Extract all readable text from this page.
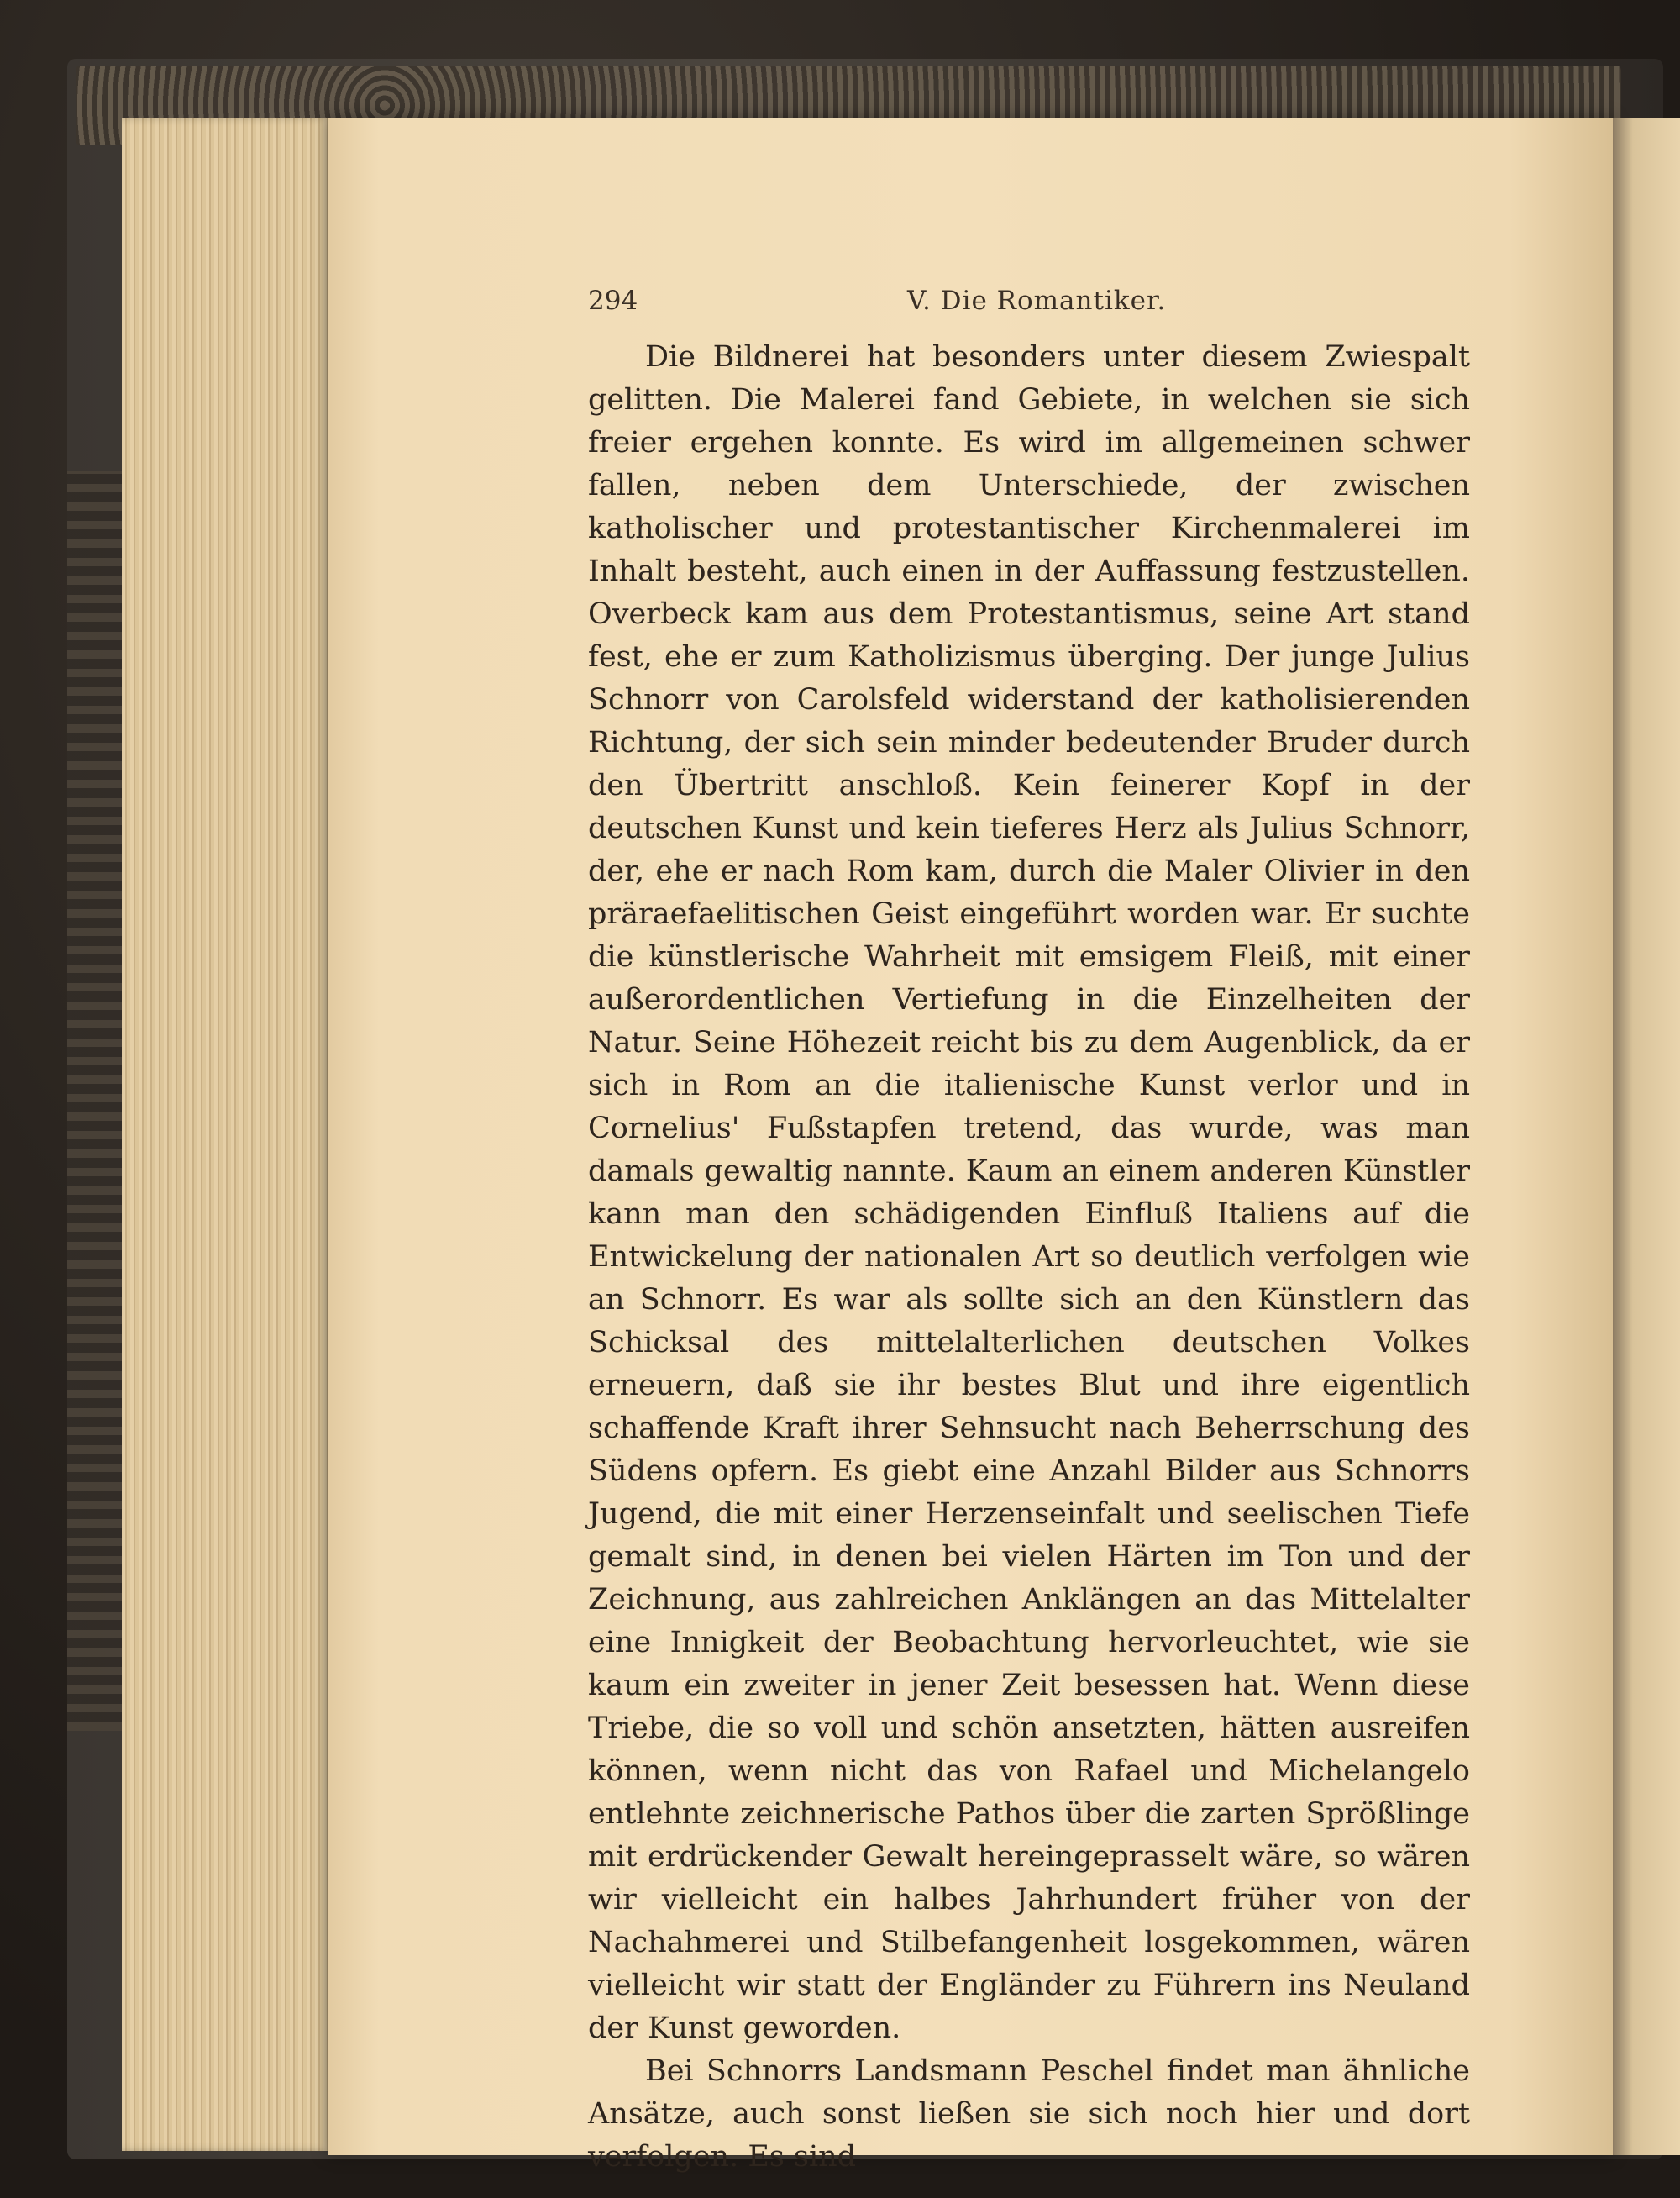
294	V. Die Romantiker.

Die Bildnerei hat besonders unter diesem Zwiespalt gelitten. Die Malerei fand Gebiete, in welchen sie sich freier ergehen konnte. Es wird im allgemeinen schwer fallen, neben dem Unterschiede, der zwischen katholischer und protestantischer Kirchenmalerei im Inhalt besteht, auch einen in der Auffassung festzustellen. Overbeck kam aus dem Protestantismus, seine Art stand fest, ehe er zum Katholizismus überging. Der junge Julius Schnorr von Carolsfeld widerstand der katholisierenden Richtung, der sich sein minder bedeutender Bruder durch den Übertritt anschloß. Kein feinerer Kopf in der deutschen Kunst und kein tieferes Herz als Julius Schnorr, der, ehe er nach Rom kam, durch die Maler Olivier in den präraefaelitischen Geist eingeführt worden war. Er suchte die künstlerische Wahrheit mit emsigem Fleiß, mit einer außerordentlichen Vertiefung in die Einzelheiten der Natur. Seine Höhezeit reicht bis zu dem Augenblick, da er sich in Rom an die italienische Kunst verlor und in Cornelius' Fußstapfen tretend, das wurde, was man damals gewaltig nannte. Kaum an einem anderen Künstler kann man den schädigenden Einfluß Italiens auf die Entwickelung der nationalen Art so deutlich verfolgen wie an Schnorr. Es war als sollte sich an den Künstlern das Schicksal des mittelalterlichen deutschen Volkes erneuern, daß sie ihr bestes Blut und ihre eigentlich schaffende Kraft ihrer Sehnsucht nach Beherrschung des Südens opfern. Es giebt eine Anzahl Bilder aus Schnorrs Jugend, die mit einer Herzenseinfalt und seelischen Tiefe gemalt sind, in denen bei vielen Härten im Ton und der Zeichnung, aus zahlreichen Anklängen an das Mittelalter eine Innigkeit der Beobachtung hervorleuchtet, wie sie kaum ein zweiter in jener Zeit besessen hat. Wenn diese Triebe, die so voll und schön ansetzten, hätten ausreifen können, wenn nicht das von Rafael und Michelangelo entlehnte zeichnerische Pathos über die zarten Sprößlinge mit erdrückender Gewalt hereingeprasselt wäre, so wären wir vielleicht ein halbes Jahrhundert früher von der Nachahmerei und Stilbefangenheit losgekommen, wären vielleicht wir statt der Engländer zu Führern ins Neuland der Kunst geworden.

Bei Schnorrs Landsmann Peschel findet man ähnliche Ansätze, auch sonst ließen sie sich noch hier und dort verfolgen. Es sind
